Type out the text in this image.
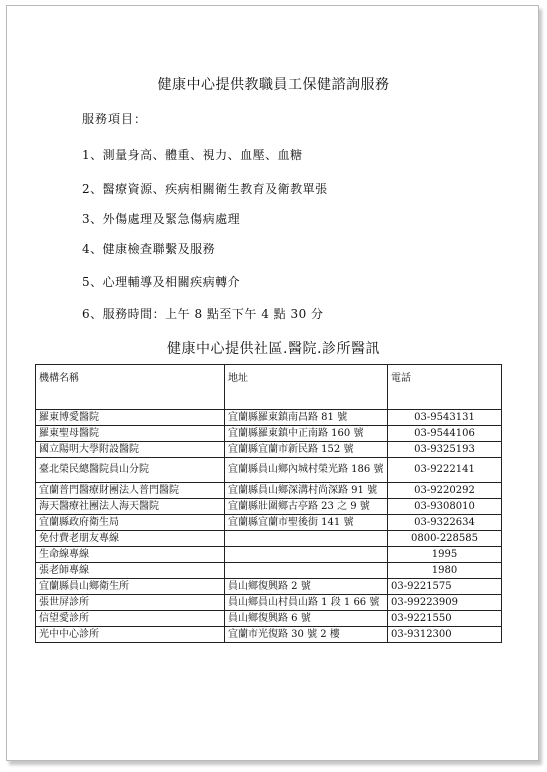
健康中心提供教職員工保健諮詢服務
服務項目：
1、測量身高、體重、視力、血壓、血糖
2、醫療資源、疾病相關衛生教育及衛教單張
3、外傷處理及緊急傷病處理
4、健康檢查聯繫及服務
5、心理輔導及相關疾病轉介
6、服務時間：上午 8 點至下午 4 點 30 分
健康中心提供社區.醫院.診所醫訊
機構名稱	地址	電話
羅東博愛醫院	宜蘭縣羅東鎮南昌路 81 號	03-9543131
羅東聖母醫院	宜蘭縣羅東鎮中正南路 160 號	03-9544106
國立陽明大學附設醫院	宜蘭縣宜蘭市新民路 152 號	03-9325193
臺北榮民總醫院員山分院	宜蘭縣員山鄉內城村榮光路 186 號	03-9222141
宜蘭普門醫療財團法人普門醫院	宜蘭縣員山鄉深溝村尚深路 91 號	03-9220292
海天醫療社團法人海天醫院	宜蘭縣壯圍鄉古亭路 23 之 9 號	03-9308010
宜蘭縣政府衛生局	宜蘭縣宜蘭市聖後街 141 號	03-9322634
免付費老朋友專線		0800-228585
生命線專線		1995
張老師專線		1980
宜蘭縣員山鄉衛生所	員山鄉復興路 2 號	03-9221575
張世屏診所	員山鄉員山村員山路 1 段 1 66 號	03-99223909
信望愛診所	員山鄉復興路 6 號	03-9221550
光中中心診所	宜蘭市光復路 30 號 2 樓	03-9312300
